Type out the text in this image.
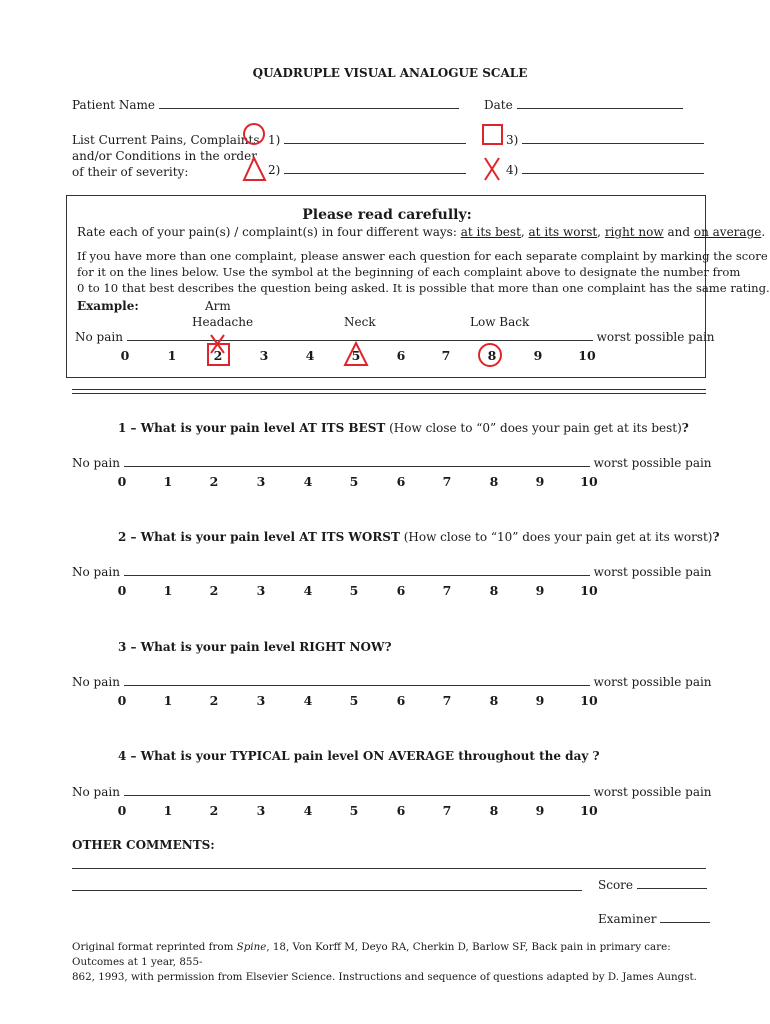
QUADRUPLE VISUAL ANALOGUE SCALE
Patient Name	Date
List Current Pains, Complaints
and/or Conditions in the order
of their of severity:
1)
2)
3)
4)
Please read carefully:
Rate each of your pain(s) / complaint(s) in four different ways: at its best, at its worst, right now and on average.
If you have more than one complaint, please answer each question for each separate complaint by marking the score
for it on the lines below. Use the symbol at the beginning of each complaint above to designate the number from
0 to 10 that best describes the question being asked. It is possible that more than one complaint has the same rating.
Example:	Arm
Headache	Neck	Low Back
No pain	worst possible pain
0	1	2	3	4	5	6	7	8	9	10
1 – What is your pain level AT ITS BEST (How close to “0” does your pain get at its best)?
No pain	worst possible pain
0	1	2	3	4	5	6	7	8	9	10
2 – What is your pain level AT ITS WORST (How close to “10” does your pain get at its worst)?
No pain	worst possible pain
0	1	2	3	4	5	6	7	8	9	10
3 – What is your pain level RIGHT NOW?
No pain	worst possible pain
0	1	2	3	4	5	6	7	8	9	10
4 – What is your TYPICAL pain level ON AVERAGE throughout the day ?
No pain	worst possible pain
0	1	2	3	4	5	6	7	8	9	10
OTHER COMMENTS:
Score
Examiner
Original format reprinted from Spine, 18, Von Korff M, Deyo RA, Cherkin D, Barlow SF, Back pain in primary care: Outcomes at 1 year, 855-
862, 1993, with permission from Elsevier Science. Instructions and sequence of questions adapted by D. James Aungst.
